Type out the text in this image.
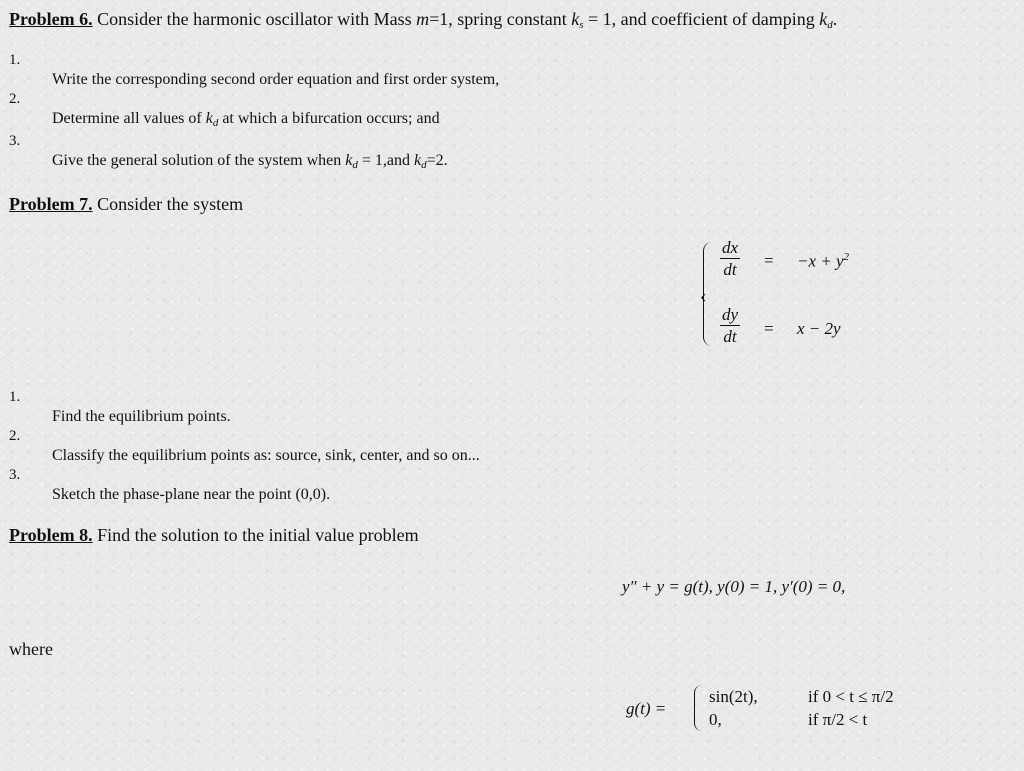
Problem 6. Consider the harmonic oscillator with Mass m=1, spring constant $k_s = 1$, and coefficient of damping $k_d$.
1.
Write the corresponding second order equation and first order system,
2.
Determine all values of $k_d$ at which a bifurcation occurs; and
3.
Give the general solution of the system when $k_d = 1,and$ $k_d=2$.
Problem 7. Consider the system
‹
$\frac{dx}{dt} = -x + y^2$
$\frac{dy}{dt} = x - 2y$
1.
Find the equilibrium points.
2.
Classify the equilibrium points as: source, sink, center, and so on...
3.
Sketch the phase-plane near the point (0,0).
Problem 8. Find the solution to the initial value problem
y″ + y = g(t), y(0) = 1, y′(0) = 0,
where
g(t) =
sin(2t),	if 0 < t ≤ π/2
0,	if π/2 < t
